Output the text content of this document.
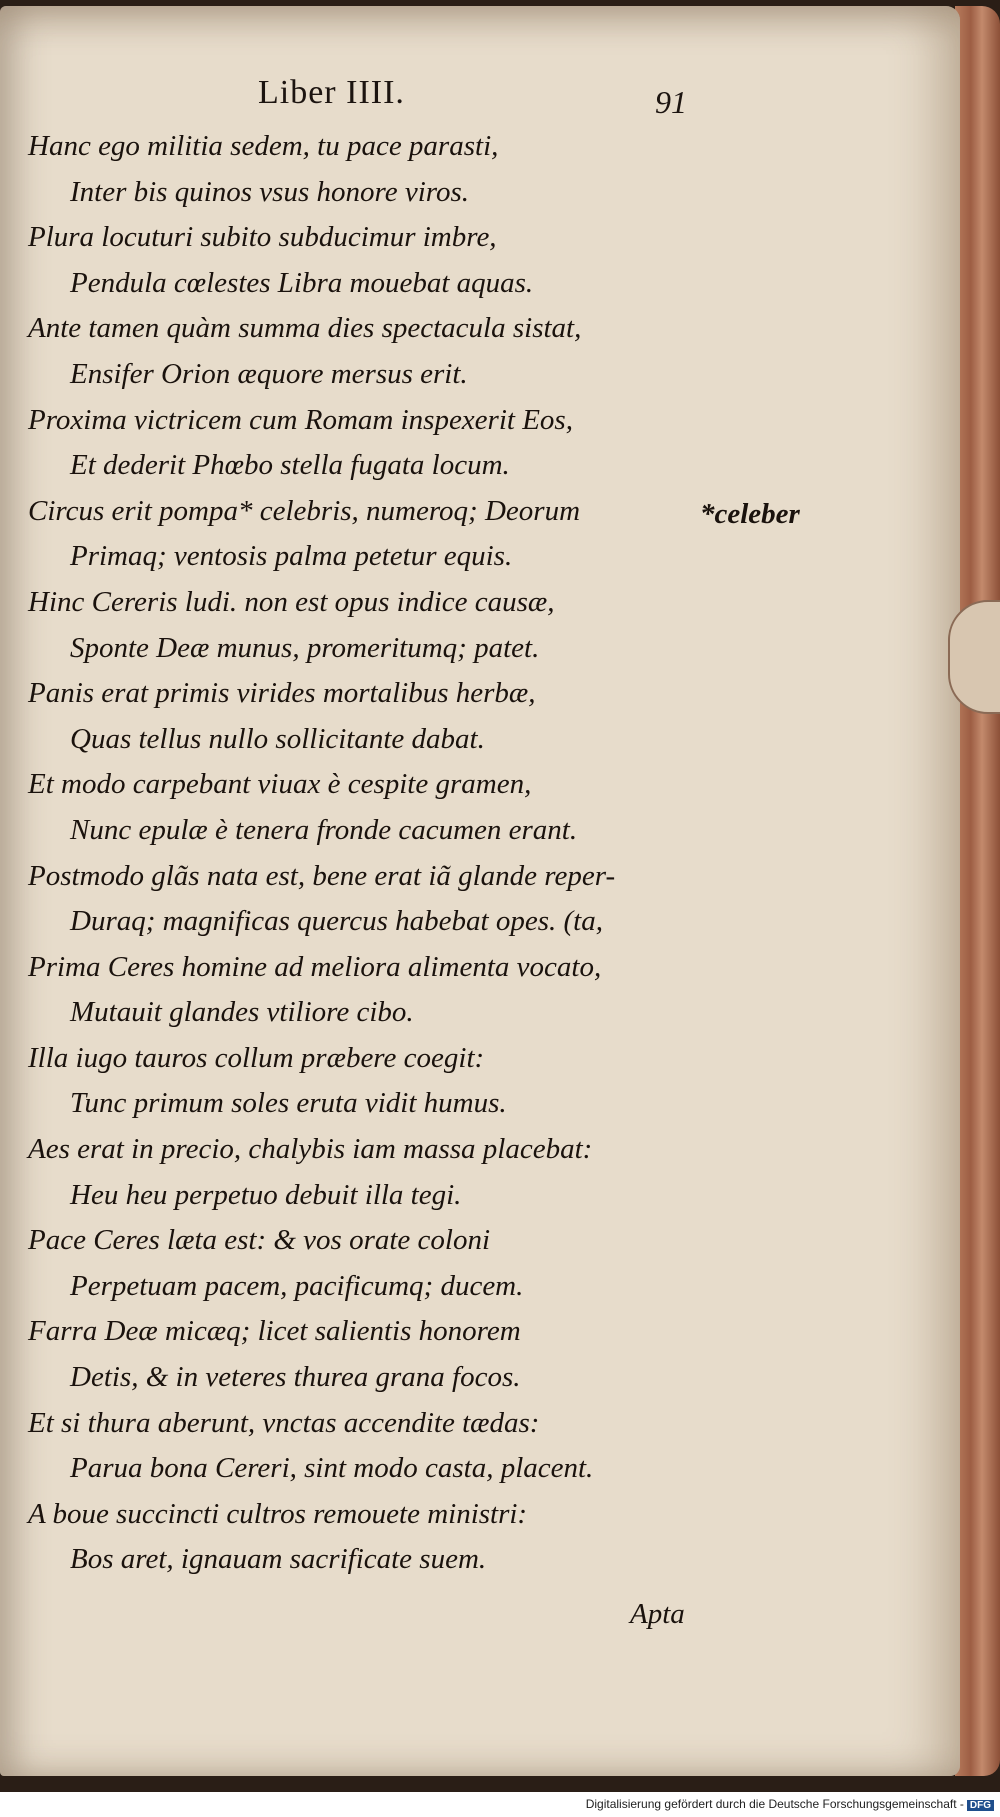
Liber IIII.	91
Hanc ego militia sedem, tu pace parasti,
Inter bis quinos vsus honore viros.
Plura locuturi subito subducimur imbre,
Pendula cœlestes Libra mouebat aquas.
Ante tamen quàm summa dies spectacula sistat,
Ensifer Orion æquore mersus erit.
Proxima victricem cum Romam inspexerit Eos,
Et dederit Phœbo stella fugata locum.
Circus erit pompa* celebris, numeroq; Deorum
Primaq; ventosis palma petetur equis.
Hinc Cereris ludi. non est opus indice causæ,
Sponte Deæ munus, promeritumq; patet.
Panis erat primis virides mortalibus herbæ,
Quas tellus nullo sollicitante dabat.
Et modo carpebant viuax è cespite gramen,
Nunc epulæ è tenera fronde cacumen erant.
Postmodo glãs nata est, bene erat iã glande reper-
Duraq; magnificas quercus habebat opes. (ta,
Prima Ceres homine ad meliora alimenta vocato,
Mutauit glandes vtiliore cibo.
Illa iugo tauros collum præbere coegit:
Tunc primum soles eruta vidit humus.
Aes erat in precio, chalybis iam massa placebat:
Heu heu perpetuo debuit illa tegi.
Pace Ceres læta est: & vos orate coloni
Perpetuam pacem, pacificumq; ducem.
Farra Deæ micæq; licet salientis honorem
Detis, & in veteres thurea grana focos.
Et si thura aberunt, vnctas accendite tædas:
Parua bona Cereri, sint modo casta, placent.
A boue succincti cultros remouete ministri:
Bos aret, ignauam sacrificate suem.
*celeber
Apta
Digitalisierung gefördert durch die Deutsche Forschungsgemeinschaft - DFG
